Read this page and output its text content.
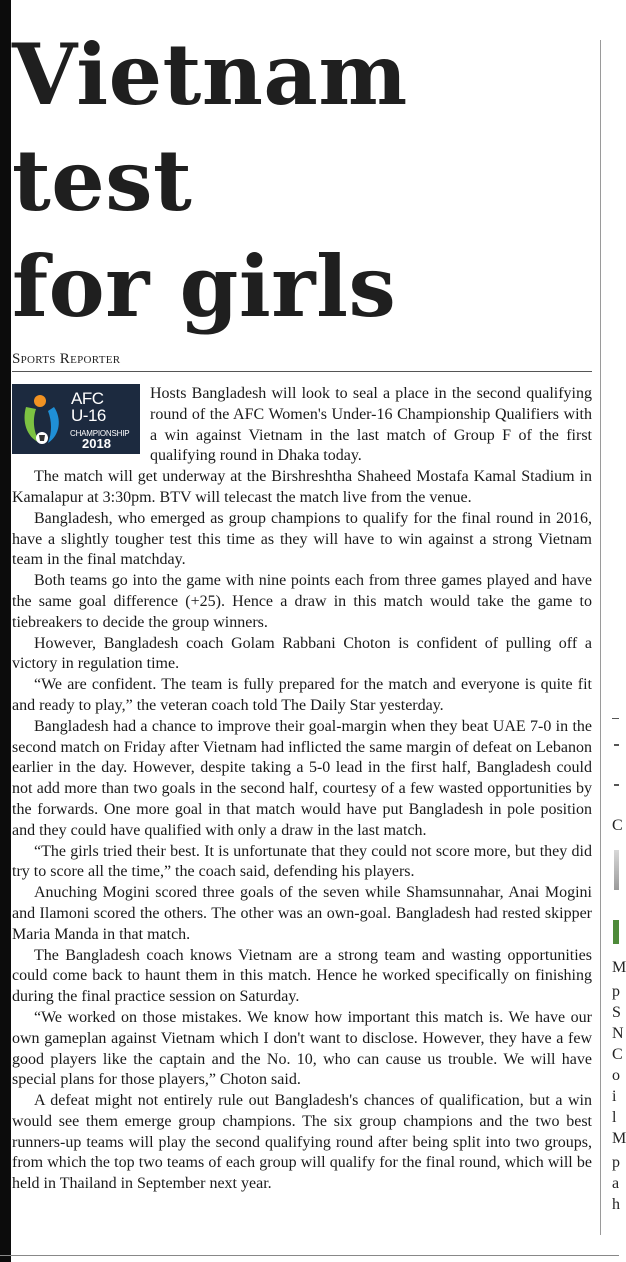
Vietnam test
for girls
Sports Reporter
AFC
U-16
CHAMPIONSHIP
2018

Hosts Bangladesh will look to seal a place in the second qualifying round of the AFC Women's Under-16 Championship Qualifiers with a win against Vietnam in the last match of Group F of the first qualifying round in Dhaka today.

The match will get underway at the Birshreshtha Shaheed Mostafa Kamal Stadium in Kamalapur at 3:30pm. BTV will telecast the match live from the venue.

Bangladesh, who emerged as group champions to qualify for the final round in 2016, have a slightly tougher test this time as they will have to win against a strong Vietnam team in the final matchday.

Both teams go into the game with nine points each from three games played and have the same goal difference (+25). Hence a draw in this match would take the game to tiebreakers to decide the group winners.

However, Bangladesh coach Golam Rabbani Choton is confident of pulling off a victory in regulation time.

“We are confident. The team is fully prepared for the match and everyone is quite fit and ready to play,” the veteran coach told The Daily Star yesterday.

Bangladesh had a chance to improve their goal-margin when they beat UAE 7-0 in the second match on Friday after Vietnam had inflicted the same margin of defeat on Lebanon earlier in the day. However, despite taking a 5-0 lead in the first half, Bangladesh could not add more than two goals in the second half, courtesy of a few wasted opportunities by the forwards. One more goal in that match would have put Bangladesh in pole position and they could have qualified with only a draw in the last match.

“The girls tried their best. It is unfortunate that they could not score more, but they did try to score all the time,” the coach said, defending his players.

Anuching Mogini scored three goals of the seven while Shamsunnahar, Anai Mogini and Ilamoni scored the others. The other was an own-goal. Bangladesh had rested skipper Maria Manda in that match.

The Bangladesh coach knows Vietnam are a strong team and wasting opportunities could come back to haunt them in this match. Hence he worked specifically on finishing during the final practice session on Saturday.

“We worked on those mistakes. We know how important this match is. We have our own gameplan against Vietnam which I don't want to disclose. However, they have a few good players like the captain and the No. 10, who can cause us trouble. We will have special plans for those players,” Choton said.

A defeat might not entirely rule out Bangladesh's chances of qualification, but a win would see them emerge group champions. The six group champions and the two best runners-up teams will play the second qualifying round after being split into two groups, from which the top two teams of each group will qualify for the final round, which will be held in Thailand in September next year.

C
M
p
S
N
C
o
i
l
M
p
a
h
